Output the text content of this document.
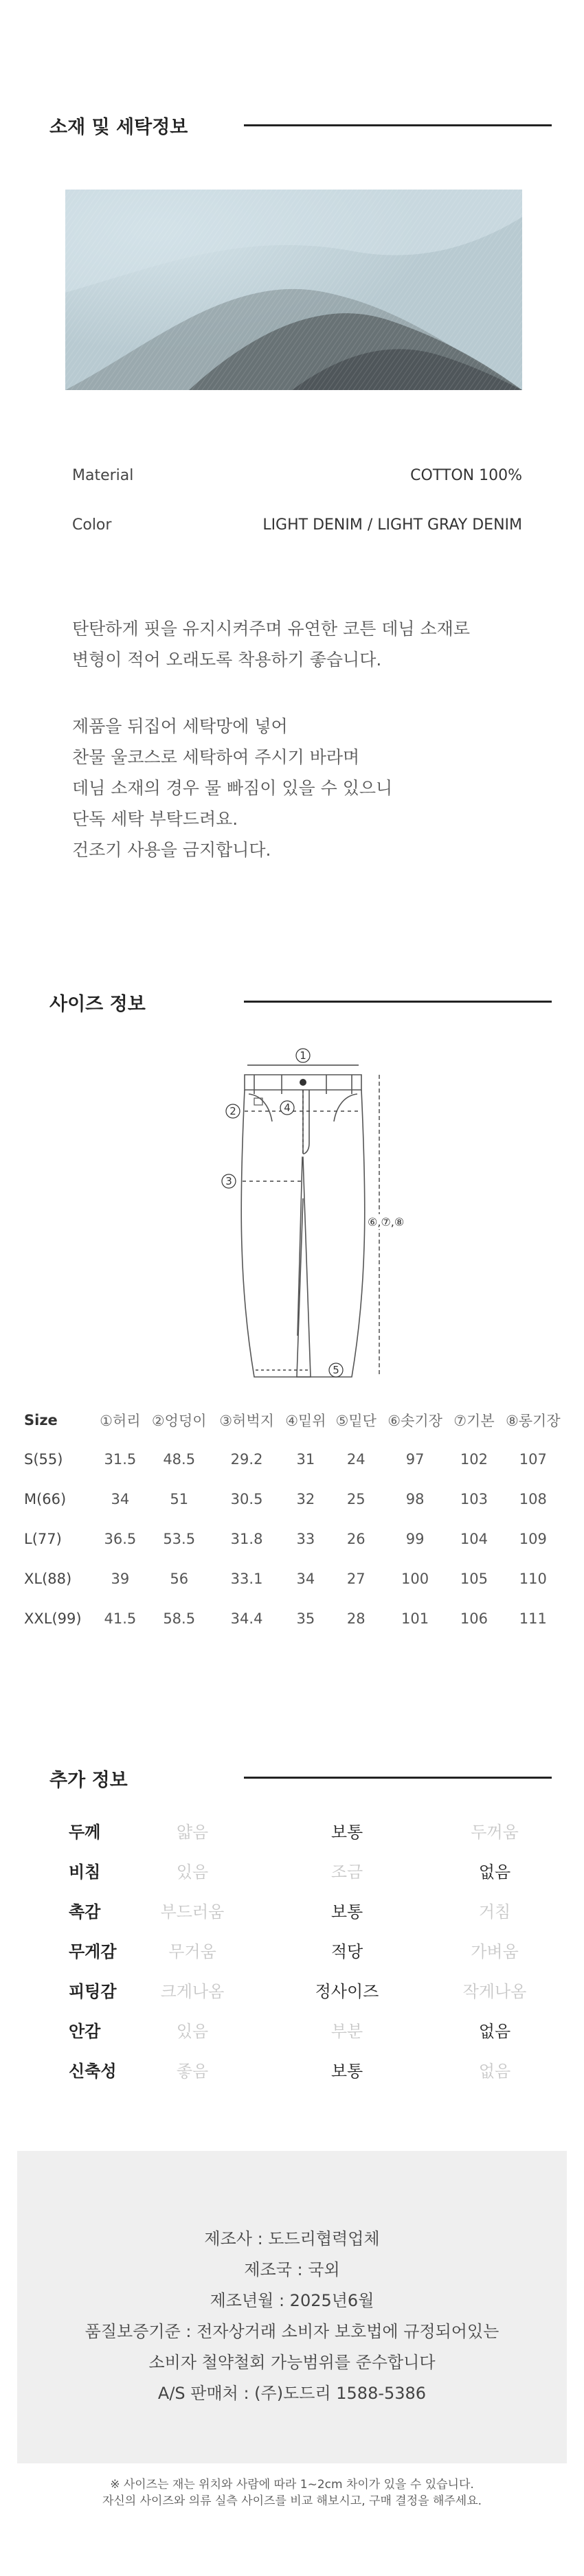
소재 및 세탁정보
Material	COTTON 100%
Color	LIGHT DENIM / LIGHT GRAY DENIM
탄탄하게 핏을 유지시켜주며 유연한 코튼 데님 소재로
변형이 적어 오래도록 착용하기 좋습니다.
제품을 뒤집어 세탁망에 넣어
찬물 울코스로 세탁하여 주시기 바라며
데님 소재의 경우 물 빠짐이 있을 수 있으니
단독 세탁 부탁드려요.
건조기 사용을 금지합니다.
사이즈 정보
1
2
3
4
5
⑥,⑦,⑧
Size	①허리	②엉덩이	③허벅지	④밑위	⑤밑단	⑥솟기장	⑦기본	⑧롱기장
S(55)	31.5	48.5	29.2	31	24	97	102	107
M(66)	34	51	30.5	32	25	98	103	108
L(77)	36.5	53.5	31.8	33	26	99	104	109
XL(88)	39	56	33.1	34	27	100	105	110
XXL(99)	41.5	58.5	34.4	35	28	101	106	111
추가 정보
두께	얇음	보통	두꺼움
비침	있음	조금	없음
촉감	부드러움	보통	거침
무게감	무거움	적당	가벼움
피팅감	크게나옴	정사이즈	작게나옴
안감	있음	부분	없음
신축성	좋음	보통	없음
제조사 : 도드리협력업체
제조국 : 국외
제조년월 : 2025년6월
품질보증기준 : 전자상거래 소비자 보호법에 규정되어있는
소비자 철약철회 가능범위를 준수합니다
A/S 판매처 : (주)도드리 1588-5386
※ 사이즈는 재는 위치와 사람에 따라 1~2cm 차이가 있을 수 있습니다.
자신의 사이즈와 의류 실측 사이즈를 비교 해보시고, 구매 결정을 해주세요.
